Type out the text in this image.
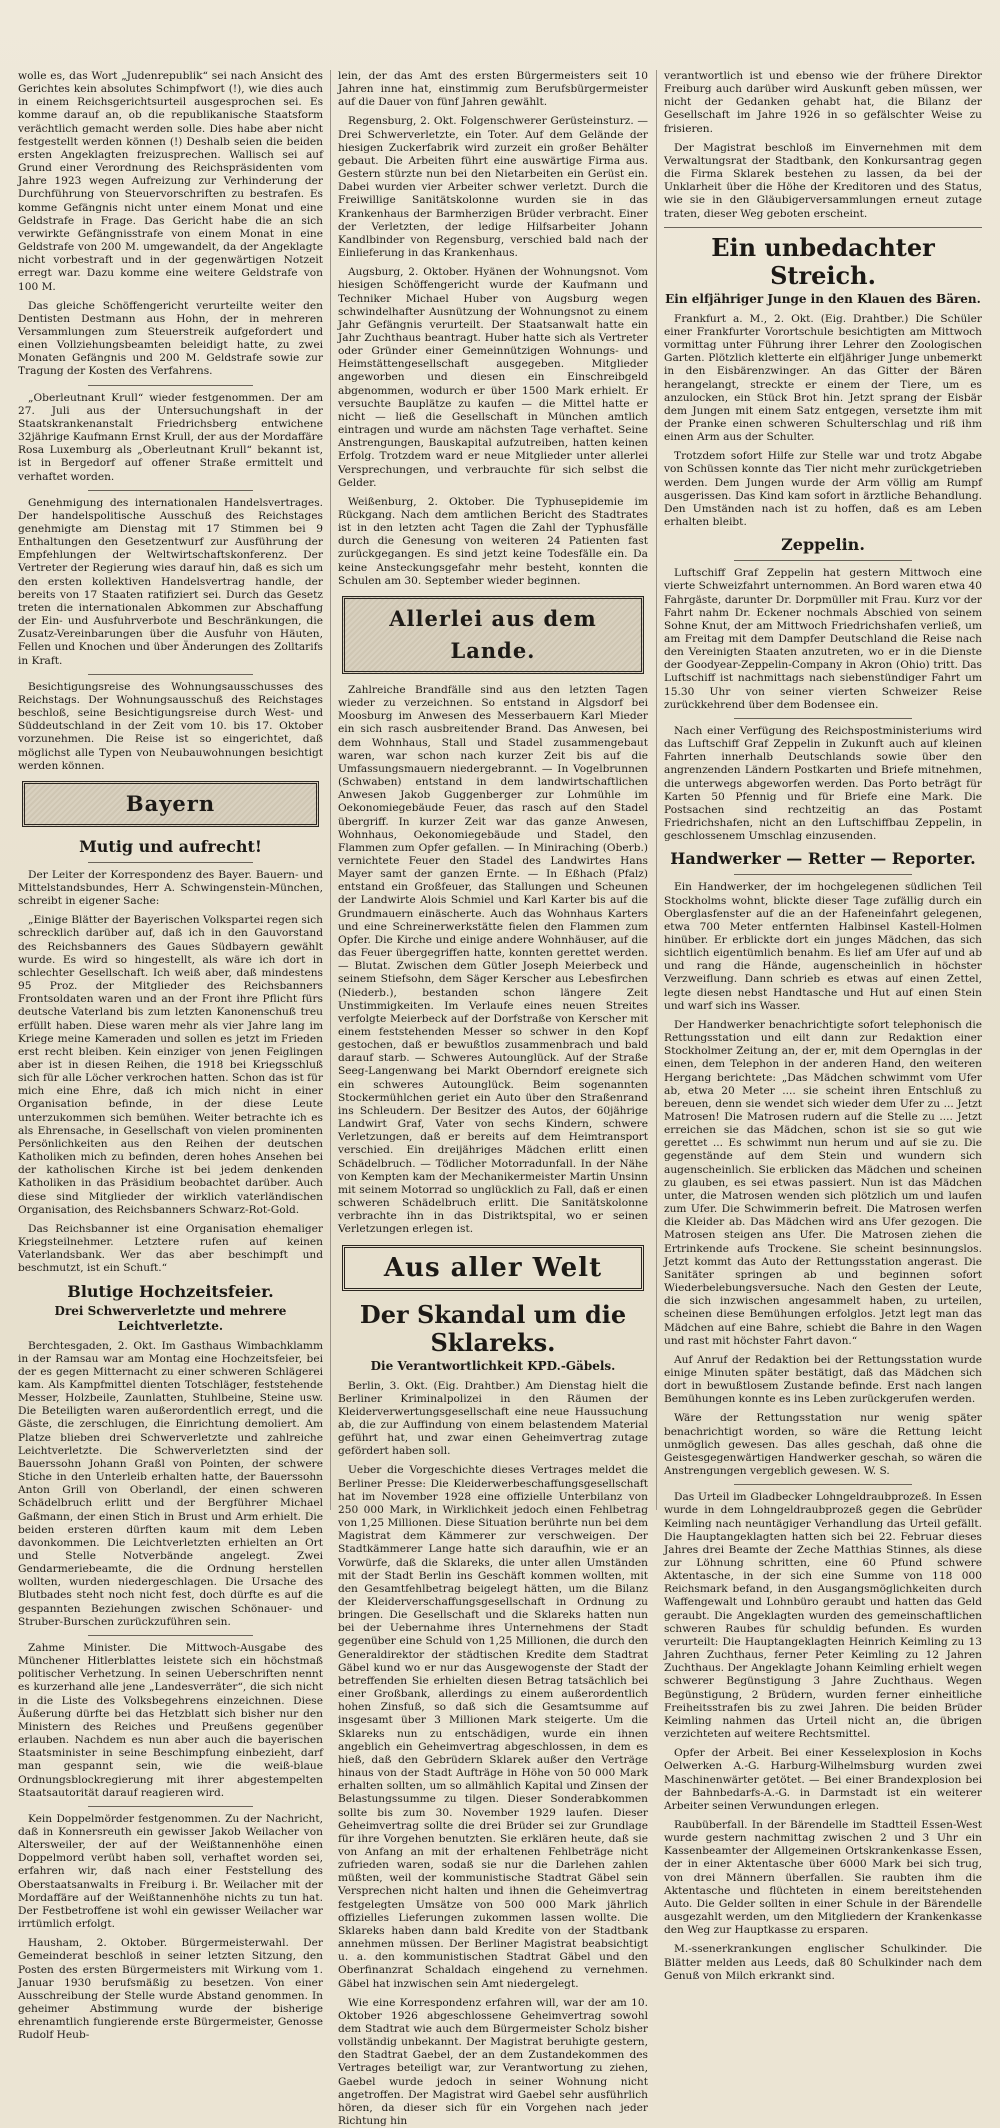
wolle es, das Wort „Judenrepublik“ sei nach Ansicht des Gerichtes kein absolutes Schimpfwort (!), wie dies auch in einem Reichsgerichtsurteil ausgesprochen sei. Es komme darauf an, ob die republikanische Staatsform verächtlich gemacht werden solle. Dies habe aber nicht festgestellt werden können (!) Deshalb seien die beiden ersten Angeklagten freizusprechen. Wallisch sei auf Grund einer Verordnung des Reichspräsidenten vom Jahre 1923 wegen Aufreizung zur Verhinderung der Durchführung von Steuervorschriften zu bestrafen. Es komme Gefängnis nicht unter einem Monat und eine Geldstrafe in Frage. Das Gericht habe die an sich verwirkte Gefängnisstrafe von einem Monat in eine Geldstrafe von 200 M. umgewandelt, da der Angeklagte nicht vorbestraft und in der gegenwärtigen Notzeit erregt war. Dazu komme eine weitere Geldstrafe von 100 M.

Das gleiche Schöffengericht verurteilte weiter den Dentisten Destmann aus Hohn, der in mehreren Versammlungen zum Steuerstreik aufgefordert und einen Vollziehungsbeamten beleidigt hatte, zu zwei Monaten Gefängnis und 200 M. Geldstrafe sowie zur Tragung der Kosten des Verfahrens.

„Oberleutnant Krull“ wieder festgenommen. Der am 27. Juli aus der Untersuchungshaft in der Staatskrankenanstalt Friedrichsberg entwichene 32jährige Kaufmann Ernst Krull, der aus der Mordaffäre Rosa Luxemburg als „Oberleutnant Krull“ bekannt ist, ist in Bergedorf auf offener Straße ermittelt und verhaftet worden.

Genehmigung des internationalen Handelsvertrages. Der handelspolitische Ausschuß des Reichstages genehmigte am Dienstag mit 17 Stimmen bei 9 Enthaltungen den Gesetzentwurf zur Ausführung der Empfehlungen der Weltwirtschaftskonferenz. Der Vertreter der Regierung wies darauf hin, daß es sich um den ersten kollektiven Handelsvertrag handle, der bereits von 17 Staaten ratifiziert sei. Durch das Gesetz treten die internationalen Abkommen zur Abschaffung der Ein- und Ausfuhrverbote und Beschränkungen, die Zusatz-Vereinbarungen über die Ausfuhr von Häuten, Fellen und Knochen und über Änderungen des Zolltarifs in Kraft.

Besichtigungsreise des Wohnungsausschusses des Reichstags. Der Wohnungsausschuß des Reichstages beschloß, seine Besichtigungsreise durch West- und Süddeutschland in der Zeit vom 10. bis 17. Oktober vorzunehmen. Die Reise ist so eingerichtet, daß möglichst alle Typen von Neubauwohnungen besichtigt werden können.

Bayern
Mutig und aufrecht!

Der Leiter der Korrespondenz des Bayer. Bauern- und Mittelstandsbundes, Herr A. Schwingenstein-München, schreibt in eigener Sache:

„Einige Blätter der Bayerischen Volkspartei regen sich schrecklich darüber auf, daß ich in den Gauvorstand des Reichsbanners des Gaues Südbayern gewählt wurde. Es wird so hingestellt, als wäre ich dort in schlechter Gesellschaft. Ich weiß aber, daß mindestens 95 Proz. der Mitglieder des Reichsbanners Frontsoldaten waren und an der Front ihre Pflicht fürs deutsche Vaterland bis zum letzten Kanonenschuß treu erfüllt haben. Diese waren mehr als vier Jahre lang im Kriege meine Kameraden und sollen es jetzt im Frieden erst recht bleiben. Kein einziger von jenen Feiglingen aber ist in diesen Reihen, die 1918 bei Kriegsschluß sich für alle Löcher verkrochen hatten. Schon das ist für mich eine Ehre, daß ich mich nicht in einer Organisation befinde, in der diese Leute unterzukommen sich bemühen. Weiter betrachte ich es als Ehrensache, in Gesellschaft von vielen prominenten Persönlichkeiten aus den Reihen der deutschen Katholiken mich zu befinden, deren hohes Ansehen bei der katholischen Kirche ist bei jedem denkenden Katholiken in das Präsidium beobachtet darüber. Auch diese sind Mitglieder der wirklich vaterländischen Organisation, des Reichsbanners Schwarz-Rot-Gold.

Das Reichsbanner ist eine Organisation ehemaliger Kriegsteilnehmer. Letztere rufen auf keinen Vaterlandsbank. Wer das aber beschimpft und beschmutzt, ist ein Schuft.“

Blutige Hochzeitsfeier.
Drei Schwerverletzte und mehrere Leichtverletzte.

Berchtesgaden, 2. Okt. Im Gasthaus Wimbachklamm in der Ramsau war am Montag eine Hochzeitsfeier, bei der es gegen Mitternacht zu einer schweren Schlägerei kam. Als Kampfmittel dienten Totschläger, feststehende Messer, Holzbeile, Zaunlatten, Stuhlbeine, Steine usw. Die Beteiligten waren außerordentlich erregt, und die Gäste, die zerschlugen, die Einrichtung demoliert. Am Platze blieben drei Schwerverletzte und zahlreiche Leichtverletzte. Die Schwerverletzten sind der Bauerssohn Johann Graßl von Pointen, der schwere Stiche in den Unterleib erhalten hatte, der Bauerssohn Anton Grill von Oberlandl, der einen schweren Schädelbruch erlitt und der Bergführer Michael Gaßmann, der einen Stich in Brust und Arm erhielt. Die beiden ersteren dürften kaum mit dem Leben davonkommen. Die Leichtverletzten erhielten an Ort und Stelle Notverbände angelegt. Zwei Gendarmeriebeamte, die die Ordnung herstellen wollten, wurden niedergeschlagen. Die Ursache des Blutbades steht noch nicht fest, doch dürfte es auf die gespannten Beziehungen zwischen Schönauer- und Struber-Burschen zurückzuführen sein.

Zahme Minister. Die Mittwoch-Ausgabe des Münchener Hitlerblattes leistete sich ein höchstmaß politischer Verhetzung. In seinen Ueberschriften nennt es kurzerhand alle jene „Landesverräter“, die sich nicht in die Liste des Volksbegehrens einzeichnen. Diese Äußerung dürfte bei das Hetzblatt sich bisher nur den Ministern des Reiches und Preußens gegenüber erlauben. Nachdem es nun aber auch die bayerischen Staatsminister in seine Beschimpfung einbezieht, darf man gespannt sein, wie die weiß-blaue Ordnungsblockregierung mit ihrer abgestempelten Staatsautorität darauf reagieren wird.

Kein Doppelmörder festgenommen. Zu der Nachricht, daß in Konnersreuth ein gewisser Jakob Weilacher von Altersweiler, der auf der Weißtannenhöhe einen Doppelmord verübt haben soll, verhaftet worden sei, erfahren wir, daß nach einer Feststellung des Oberstaatsanwalts in Freiburg i. Br. Weilacher mit der Mordaffäre auf der Weißtannenhöhe nichts zu tun hat. Der Festbetroffene ist wohl ein gewisser Weilacher war irrtümlich erfolgt.

Hausham, 2. Oktober. Bürgermeisterwahl. Der Gemeinderat beschloß in seiner letzten Sitzung, den Posten des ersten Bürgermeisters mit Wirkung vom 1. Januar 1930 berufsmäßig zu besetzen. Von einer Ausschreibung der Stelle wurde Abstand genommen. In geheimer Abstimmung wurde der bisherige ehrenamtlich fungierende erste Bürgermeister, Genosse Rudolf Heub-

lein, der das Amt des ersten Bürgermeisters seit 10 Jahren inne hat, einstimmig zum Berufsbürgermeister auf die Dauer von fünf Jahren gewählt.

Regensburg, 2. Okt. Folgenschwerer Gerüsteinsturz. — Drei Schwerverletzte, ein Toter. Auf dem Gelände der hiesigen Zuckerfabrik wird zurzeit ein großer Behälter gebaut. Die Arbeiten führt eine auswärtige Firma aus. Gestern stürzte nun bei den Nietarbeiten ein Gerüst ein. Dabei wurden vier Arbeiter schwer verletzt. Durch die Freiwillige Sanitätskolonne wurden sie in das Krankenhaus der Barmherzigen Brüder verbracht. Einer der Verletzten, der ledige Hilfsarbeiter Johann Kandlbinder von Regensburg, verschied bald nach der Einlieferung in das Krankenhaus.

Augsburg, 2. Oktober. Hyänen der Wohnungsnot. Vom hiesigen Schöffengericht wurde der Kaufmann und Techniker Michael Huber von Augsburg wegen schwindelhafter Ausnützung der Wohnungsnot zu einem Jahr Gefängnis verurteilt. Der Staatsanwalt hatte ein Jahr Zuchthaus beantragt. Huber hatte sich als Vertreter oder Gründer einer Gemeinnützigen Wohnungs- und Heimstättengesellschaft ausgegeben. Mitglieder angeworben und diesen ein Einschreibgeld abgenommen, wodurch er über 1500 Mark erhielt. Er versuchte Bauplätze zu kaufen — die Mittel hatte er nicht — ließ die Gesellschaft in München amtlich eintragen und wurde am nächsten Tage verhaftet. Seine Anstrengungen, Bauskapital aufzutreiben, hatten keinen Erfolg. Trotzdem ward er neue Mitglieder unter allerlei Versprechungen, und verbrauchte für sich selbst die Gelder.

Weißenburg, 2. Oktober. Die Typhusepidemie im Rückgang. Nach dem amtlichen Bericht des Stadtrates ist in den letzten acht Tagen die Zahl der Typhusfälle durch die Genesung von weiteren 24 Patienten fast zurückgegangen. Es sind jetzt keine Todesfälle ein. Da keine Ansteckungsgefahr mehr besteht, konnten die Schulen am 30. September wieder beginnen.

Allerlei aus dem Lande.

Zahlreiche Brandfälle sind aus den letzten Tagen wieder zu verzeichnen. So entstand in Algsdorf bei Moosburg im Anwesen des Messerbauern Karl Mieder ein sich rasch ausbreitender Brand. Das Anwesen, bei dem Wohnhaus, Stall und Stadel zusammengebaut waren, war schon nach kurzer Zeit bis auf die Umfassungsmauern niedergebrannt. — In Vogelbrunnen (Schwaben) entstand in dem landwirtschaftlichen Anwesen Jakob Guggenberger zur Lohmühle im Oekonomiegebäude Feuer, das rasch auf den Stadel übergriff. In kurzer Zeit war das ganze Anwesen, Wohnhaus, Oekonomiegebäude und Stadel, den Flammen zum Opfer gefallen. — In Miniraching (Oberb.) vernichtete Feuer den Stadel des Landwirtes Hans Mayer samt der ganzen Ernte. — In Eßhach (Pfalz) entstand ein Großfeuer, das Stallungen und Scheunen der Landwirte Alois Schmiel und Karl Karter bis auf die Grundmauern einäscherte. Auch das Wohnhaus Karters und eine Schreinerwerkstätte fielen den Flammen zum Opfer. Die Kirche und einige andere Wohnhäuser, auf die das Feuer übergegriffen hatte, konnten gerettet werden. — Blutat. Zwischen dem Gütler Joseph Meierbeck und seinem Stiefsohn, dem Säger Kerscher aus Lebesfirchen (Niederb.), bestanden schon längere Zeit Unstimmigkeiten. Im Verlaufe eines neuen Streites verfolgte Meierbeck auf der Dorfstraße von Kerscher mit einem feststehenden Messer so schwer in den Kopf gestochen, daß er bewußtlos zusammenbrach und bald darauf starb. — Schweres Autounglück. Auf der Straße Seeg-Langenwang bei Markt Oberndorf ereignete sich ein schweres Autounglück. Beim sogenannten Stockermühlchen geriet ein Auto über den Straßenrand ins Schleudern. Der Besitzer des Autos, der 60jährige Landwirt Graf, Vater von sechs Kindern, schwere Verletzungen, daß er bereits auf dem Heimtransport verschied. Ein dreijähriges Mädchen erlitt einen Schädelbruch. — Tödlicher Motorradunfall. In der Nähe von Kempten kam der Mechanikermeister Martin Unsinn mit seinem Motorrad so unglücklich zu Fall, daß er einen schweren Schädelbruch erlitt. Die Sanitätskolonne verbrachte ihn in das Distriktspital, wo er seinen Verletzungen erlegen ist.

Aus aller Welt
Der Skandal um die Sklareks.
Die Verantwortlichkeit KPD.-Gäbels.

Berlin, 3. Okt. (Eig. Drahtber.) Am Dienstag hielt die Berliner Kriminalpolizei in den Räumen der Kleiderverwertungsgesellschaft eine neue Haussuchung ab, die zur Auffindung von einem belastendem Material geführt hat, und zwar einen Geheimvertrag zutage gefördert haben soll.

Ueber die Vorgeschichte dieses Vertrages meldet die Berliner Presse: Die Kleiderwerbeschaffungsgesellschaft hat im November 1928 eine offizielle Unterbilanz von 250 000 Mark, in Wirklichkeit jedoch einen Fehlbetrag von 1,25 Millionen. Diese Situation berührte nun bei dem Magistrat dem Kämmerer zur verschweigen. Der Stadtkämmerer Lange hatte sich daraufhin, wie er an Vorwürfe, daß die Sklareks, die unter allen Umständen mit der Stadt Berlin ins Geschäft kommen wollten, mit den Gesamtfehlbetrag beigelegt hätten, um die Bilanz der Kleiderverschaffungsgesellschaft in Ordnung zu bringen. Die Gesellschaft und die Sklareks hatten nun bei der Uebernahme ihres Unternehmens der Stadt gegenüber eine Schuld von 1,25 Millionen, die durch den Generaldirektor der städtischen Kredite dem Stadtrat Gäbel kund wo er nur das Ausgewogenste der Stadt der betreffenden Sie erhielten diesen Betrag tatsächlich bei einer Großbank, allerdings zu einem außerordentlich hohen Zinsfuß, so daß sich die Gesamtsumme auf insgesamt über 3 Millionen Mark steigerte. Um die Sklareks nun zu entschädigen, wurde ein ihnen angeblich ein Geheimvertrag abgeschlossen, in dem es hieß, daß den Gebrüdern Sklarek außer den Verträge hinaus von der Stadt Aufträge in Höhe von 50 000 Mark erhalten sollten, um so allmählich Kapital und Zinsen der Belastungssumme zu tilgen. Dieser Sonderabkommen sollte bis zum 30. November 1929 laufen. Dieser Geheimvertrag sollte die drei Brüder sei zur Grundlage für ihre Vorgehen benutzten. Sie erklären heute, daß sie von Anfang an mit der erhaltenen Fehlbeträge nicht zufrieden waren, sodaß sie nur die Darlehen zahlen müßten, weil der kommunistische Stadtrat Gäbel sein Versprechen nicht halten und ihnen die Geheimvertrag festgelegten Umsätze von 500 000 Mark jährlich offizielles Lieferungen zukommen lassen wollte. Die Sklareks haben dann bald Kredite von der Stadtbank annehmen müssen. Der Berliner Magistrat beabsichtigt u. a. den kommunistischen Stadtrat Gäbel und den Oberfinanzrat Schaldach eingehend zu vernehmen. Gäbel hat inzwischen sein Amt niedergelegt.

Wie eine Korrespondenz erfahren will, war der am 10. Oktober 1926 abgeschlossene Geheimvertrag sowohl dem Stadtrat wie auch dem Bürgermeister Scholz bisher vollständig unbekannt. Der Magistrat beruhigte gestern, den Stadtrat Gaebel, der an dem Zustandekommen des Vertrages beteiligt war, zur Verantwortung zu ziehen, Gaebel wurde jedoch in seiner Wohnung nicht angetroffen. Der Magistrat wird Gaebel sehr ausführlich hören, da dieser sich für ein Vorgehen nach jeder Richtung hin

verantwortlich ist und ebenso wie der frühere Direktor Freiburg auch darüber wird Auskunft geben müssen, wer nicht der Gedanken gehabt hat, die Bilanz der Gesellschaft im Jahre 1926 in so gefälschter Weise zu frisieren.

Der Magistrat beschloß im Einvernehmen mit dem Verwaltungsrat der Stadtbank, den Konkursantrag gegen die Firma Sklarek bestehen zu lassen, da bei der Unklarheit über die Höhe der Kreditoren und des Status, wie sie in den Gläubigerversammlungen erneut zutage traten, dieser Weg geboten erscheint.

Ein unbedachter Streich.
Ein elfjähriger Junge in den Klauen des Bären.

Frankfurt a. M., 2. Okt. (Eig. Drahtber.) Die Schüler einer Frankfurter Vorortschule besichtigten am Mittwoch vormittag unter Führung ihrer Lehrer den Zoologischen Garten. Plötzlich kletterte ein elfjähriger Junge unbemerkt in den Eisbärenzwinger. An das Gitter der Bären herangelangt, streckte er einem der Tiere, um es anzulocken, ein Stück Brot hin. Jetzt sprang der Eisbär dem Jungen mit einem Satz entgegen, versetzte ihm mit der Pranke einen schweren Schulterschlag und riß ihm einen Arm aus der Schulter.

Trotzdem sofort Hilfe zur Stelle war und trotz Abgabe von Schüssen konnte das Tier nicht mehr zurückgetrieben werden. Dem Jungen wurde der Arm völlig am Rumpf ausgerissen. Das Kind kam sofort in ärztliche Behandlung. Den Umständen nach ist zu hoffen, daß es am Leben erhalten bleibt.

Zeppelin.

Luftschiff Graf Zeppelin hat gestern Mittwoch eine vierte Schweizfahrt unternommen. An Bord waren etwa 40 Fahrgäste, darunter Dr. Dorpmüller mit Frau. Kurz vor der Fahrt nahm Dr. Eckener nochmals Abschied von seinem Sohne Knut, der am Mittwoch Friedrichshafen verließ, um am Freitag mit dem Dampfer Deutschland die Reise nach den Vereinigten Staaten anzutreten, wo er in die Dienste der Goodyear-Zeppelin-Company in Akron (Ohio) tritt. Das Luftschiff ist nachmittags nach siebenstündiger Fahrt um 15.30 Uhr von seiner vierten Schweizer Reise zurückkehrend über dem Bodensee ein.

Nach einer Verfügung des Reichspostministeriums wird das Luftschiff Graf Zeppelin in Zukunft auch auf kleinen Fahrten innerhalb Deutschlands sowie über den angrenzenden Ländern Postkarten und Briefe mitnehmen, die unterwegs abgeworfen werden. Das Porto beträgt für Karten 50 Pfennig und für Briefe eine Mark. Die Postsachen sind rechtzeitig an das Postamt Friedrichshafen, nicht an den Luftschiffbau Zeppelin, in geschlossenem Umschlag einzusenden.

Handwerker — Retter — Reporter.

Ein Handwerker, der im hochgelegenen südlichen Teil Stockholms wohnt, blickte dieser Tage zufällig durch ein Oberglasfenster auf die an der Hafeneinfahrt gelegenen, etwa 700 Meter entfernten Halbinsel Kastell-Holmen hinüber. Er erblickte dort ein junges Mädchen, das sich sichtlich eigentümlich benahm. Es lief am Ufer auf und ab und rang die Hände, augenscheinlich in höchster Verzweiflung. Dann schrieb es etwas auf einen Zettel, legte diesen nebst Handtasche und Hut auf einen Stein und warf sich ins Wasser.

Der Handwerker benachrichtigte sofort telephonisch die Rettungsstation und eilt dann zur Redaktion einer Stockholmer Zeitung an, der er, mit dem Opernglas in der einen, dem Telephon in der anderen Hand, den weiteren Hergang berichtete: „Das Mädchen schwimmt vom Ufer ab, etwa 20 Meter .... sie scheint ihren Entschluß zu bereuen, denn sie wendet sich wieder dem Ufer zu ... Jetzt Matrosen! Die Matrosen rudern auf die Stelle zu .... Jetzt erreichen sie das Mädchen, schon ist sie so gut wie gerettet ... Es schwimmt nun herum und auf sie zu. Die gegenstände auf dem Stein und wundern sich augenscheinlich. Sie erblicken das Mädchen und scheinen zu glauben, es sei etwas passiert. Nun ist das Mädchen unter, die Matrosen wenden sich plötzlich um und laufen zum Ufer. Die Schwimmerin befreit. Die Matrosen werfen die Kleider ab. Das Mädchen wird ans Ufer gezogen. Die Matrosen steigen ans Ufer. Die Matrosen ziehen die Ertrinkende aufs Trockene. Sie scheint besinnungslos. Jetzt kommt das Auto der Rettungsstation angerast. Die Sanitäter springen ab und beginnen sofort Wiederbelebungsversuche. Nach den Gesten der Leute, die sich inzwischen angesammelt haben, zu urteilen, scheinen diese Bemühungen erfolglos. Jetzt legt man das Mädchen auf eine Bahre, schiebt die Bahre in den Wagen und rast mit höchster Fahrt davon.“

Auf Anruf der Redaktion bei der Rettungsstation wurde einige Minuten später bestätigt, daß das Mädchen sich dort in bewußtlosem Zustande befinde. Erst nach langen Bemühungen konnte es ins Leben zurückgerufen werden.

Wäre der Rettungsstation nur wenig später benachrichtigt worden, so wäre die Rettung leicht unmöglich gewesen. Das alles geschah, daß ohne die Geistesgegenwärtigen Handwerker geschah, so wären die Anstrengungen vergeblich gewesen. W. S.

Das Urteil im Gladbecker Lohngeldraubprozeß. In Essen wurde in dem Lohngeldraubprozeß gegen die Gebrüder Keimling nach neuntägiger Verhandlung das Urteil gefällt. Die Hauptangeklagten hatten sich bei 22. Februar dieses Jahres drei Beamte der Zeche Matthias Stinnes, als diese zur Löhnung schritten, eine 60 Pfund schwere Aktentasche, in der sich eine Summe von 118 000 Reichsmark befand, in den Ausgangsmöglichkeiten durch Waffengewalt und Lohnbüro geraubt und hatten das Geld geraubt. Die Angeklagten wurden des gemeinschaftlichen schweren Raubes für schuldig befunden. Es wurden verurteilt: Die Hauptangeklagten Heinrich Keimling zu 13 Jahren Zuchthaus, ferner Peter Keimling zu 12 Jahren Zuchthaus. Der Angeklagte Johann Keimling erhielt wegen schwerer Begünstigung 3 Jahre Zuchthaus. Wegen Begünstigung, 2 Brüdern, wurden ferner einheitliche Freiheitsstrafen bis zu zwei Jahren. Die beiden Brüder Keimling nahmen das Urteil nicht an, die übrigen verzichteten auf weitere Rechtsmittel.

Opfer der Arbeit. Bei einer Kesselexplosion in Kochs Oelwerken A.-G. Harburg-Wilhelmsburg wurden zwei Maschinenwärter getötet. — Bei einer Brandexplosion bei der Bahnbedarfs-A.-G. in Darmstadt ist ein weiterer Arbeiter seinen Verwundungen erlegen.

Raubüberfall. In der Bärendelle im Stadtteil Essen-West wurde gestern nachmittag zwischen 2 und 3 Uhr ein Kassenbeamter der Allgemeinen Ortskrankenkasse Essen, der in einer Aktentasche über 6000 Mark bei sich trug, von drei Männern überfallen. Sie raubten ihm die Aktentasche und flüchteten in einem bereitstehenden Auto. Die Gelder sollten in einer Schule in der Bärendelle ausgezahlt werden, um den Mitgliedern der Krankenkasse den Weg zur Hauptkasse zu ersparen.

M.-ssenerkrankungen englischer Schulkinder. Die Blätter melden aus Leeds, daß 80 Schulkinder nach dem Genuß von Milch erkrankt sind.
